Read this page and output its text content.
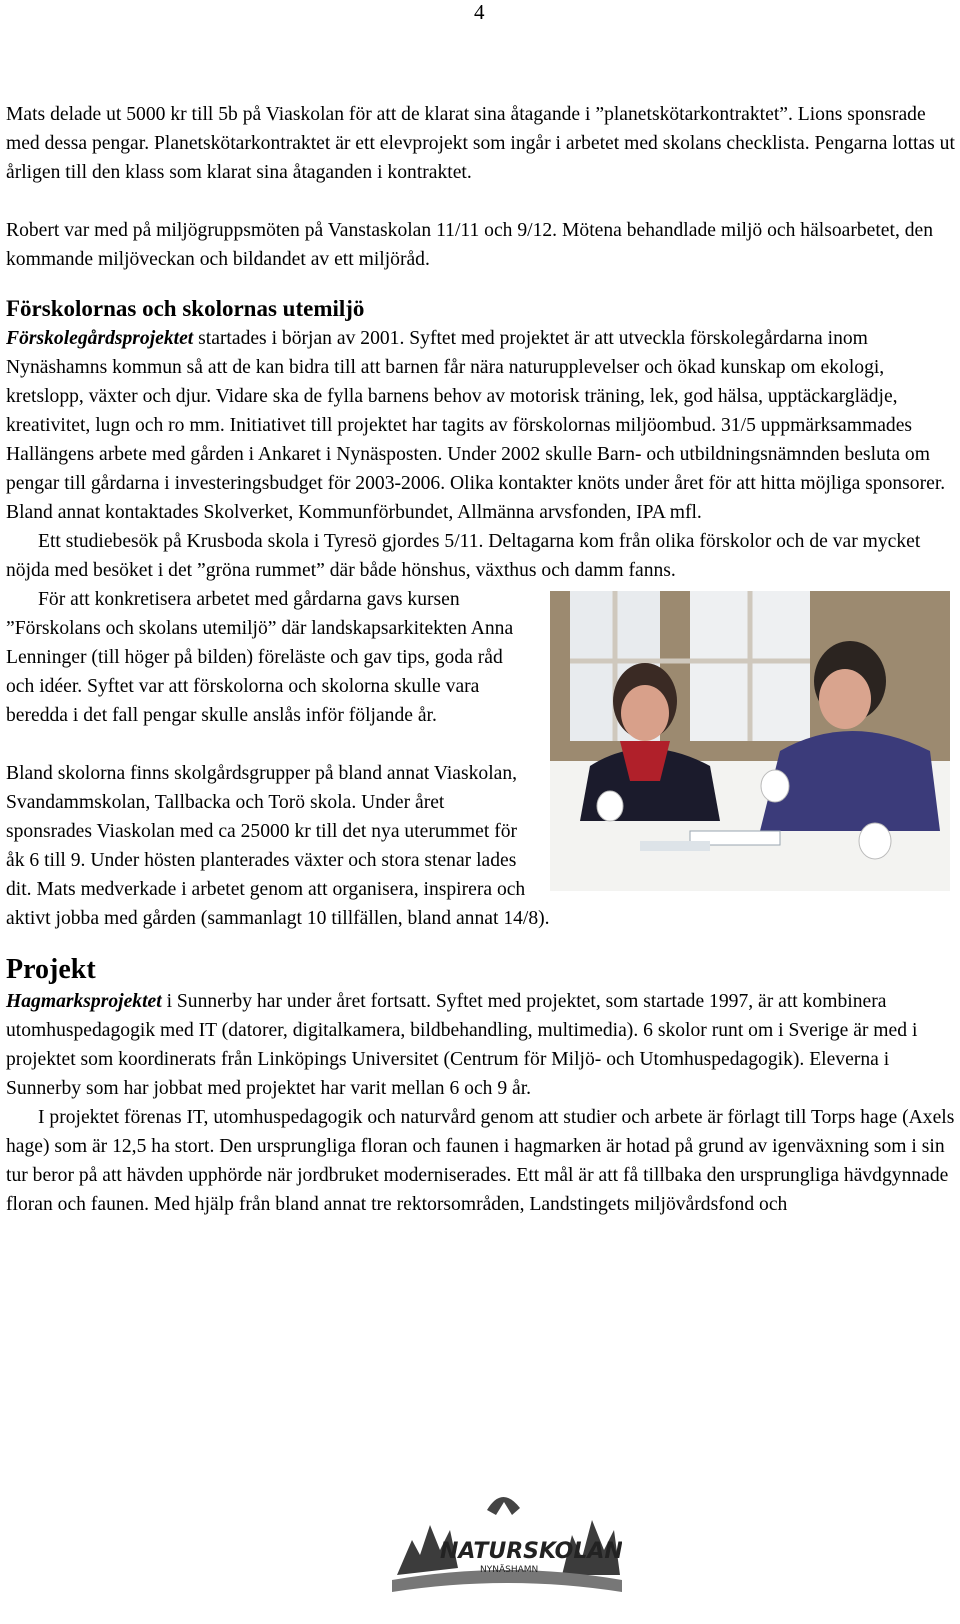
4

Mats delade ut 5000 kr till 5b på Viaskolan för att de klarat sina åtagande i ”planetskötarkontraktet”. Lions sponsrade med dessa pengar. Planetskötarkontraktet är ett elevprojekt som ingår i arbetet med skolans checklista. Pengarna lottas ut årligen till den klass som klarat sina åtaganden i kontraktet.

Robert var med på miljögruppsmöten på Vanstaskolan 11/11 och 9/12. Mötena behandlade miljö och hälsoarbetet, den kommande miljöveckan och bildandet av ett miljöråd.

Förskolornas och skolornas utemiljö

Förskolegårdsprojektet startades i början av 2001. Syftet med projektet är att utveckla förskolegårdarna inom Nynäshamns kommun så att de kan bidra till att barnen får nära naturupplevelser och ökad kunskap om ekologi, kretslopp, växter och djur. Vidare ska de fylla barnens behov av motorisk träning, lek, god hälsa, upptäckarglädje, kreativitet, lugn och ro mm. Initiativet till projektet har tagits av förskolornas miljöombud. 31/5 uppmärksammades Hallängens arbete med gården i Ankaret i Nynäsposten. Under 2002 skulle Barn- och utbildningsnämnden besluta om pengar till gårdarna i investeringsbudget för 2003-2006. Olika kontakter knöts under året för att hitta möjliga sponsorer. Bland annat kontaktades Skolverket, Kommunförbundet, Allmänna arvsfonden, IPA mfl.

Ett studiebesök på Krusboda skola i Tyresö gjordes 5/11. Deltagarna kom från olika förskolor och de var mycket nöjda med besöket i det ”gröna rummet” där både hönshus, växthus och damm fanns.

För att konkretisera arbetet med gårdarna gavs kursen ”Förskolans och skolans utemiljö” där landskapsarkitekten Anna Lenninger (till höger på bilden) föreläste och gav tips, goda råd och idéer. Syftet var att förskolorna och skolorna skulle vara beredda i det fall pengar skulle anslås inför följande år.

Bland skolorna finns skolgårdsgrupper på bland annat Viaskolan, Svandammskolan, Tallbacka och Torö skola. Under året sponsrades Viaskolan med ca 25000 kr till det nya uterummet för åk 6 till 9. Under hösten planterades växter och stora stenar lades dit. Mats medverkade i arbetet genom att organisera, inspirera och aktivt jobba med gården (sammanlagt 10 tillfällen, bland annat 14/8).

Projekt

Hagmarksprojektet i Sunnerby har under året fortsatt. Syftet med projektet, som startade 1997, är att kombinera utomhuspedagogik med IT (datorer, digitalkamera, bildbehandling, multimedia). 6 skolor runt om i Sverige är med i projektet som koordinerats från Linköpings Universitet (Centrum för Miljö- och Utomhuspedagogik). Eleverna i Sunnerby som har jobbat med projektet har varit mellan 6 och 9 år.

I projektet förenas IT, utomhuspedagogik och naturvård genom att studier och arbete är förlagt till Torps hage (Axels hage) som är 12,5 ha stort. Den ursprungliga floran och faunen i hagmarken är hotad på grund av igenväxning som i sin tur beror på att hävden upphörde när jordbruket moderniserades. Ett mål är att få tillbaka den ursprungliga hävdgynnade floran och faunen. Med hjälp från bland annat tre rektorsområden, Landstingets miljövårdsfond och

NATURSKOLAN
NYNÄSHAMN
